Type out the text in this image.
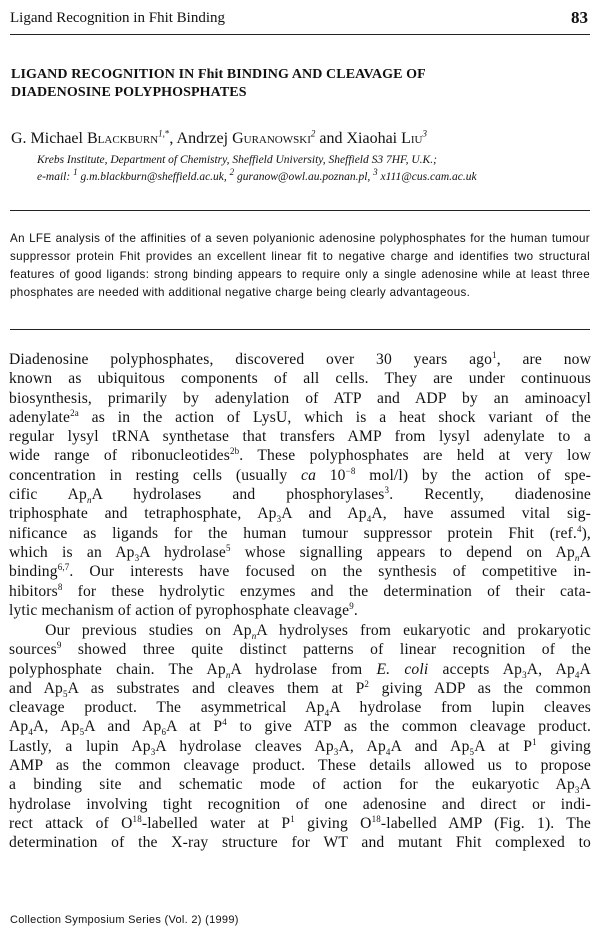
Ligand Recognition in Fhit Binding	83
LIGAND RECOGNITION IN Fhit BINDING AND CLEAVAGE OF
DIADENOSINE POLYPHOSPHATES
G. Michael Blackburn$^{1,*}$, Andrzej Guranowski$^2$ and Xiaohai Liu$^3$
Krebs Institute, Department of Chemistry, Sheffield University, Sheffield S3 7HF, U.K.;
e-mail: $^1$ g.m.blackburn@sheffield.ac.uk, $^2$ guranow@owl.au.poznan.pl, $^3$ x111@cus.cam.ac.uk
An LFE analysis of the affinities of a seven polyanionic adenosine polyphosphates for the human tumour suppressor protein Fhit provides an excellent linear fit to negative charge and identifies two structural features of good ligands: strong binding appears to require only a single adenosine while at least three phosphates are needed with additional negative charge being clearly advantageous.
Diadenosine polyphosphates, discovered over 30 years ago$^1$, are now
known as ubiquitous components of all cells. They are under continuous
biosynthesis, primarily by adenylation of ATP and ADP by an aminoacyl
adenylate$^{2a}$ as in the action of LysU, which is a heat shock variant of the
regular lysyl tRNA synthetase that transfers AMP from lysyl adenylate to a
wide range of ribonucleotides$^{2b}$. These polyphosphates are held at very low
concentration in resting cells (usually ca $10^{-8}$ mol/l) by the action of spe-
cific $Ap_nA$ hydrolases and phosphorylases$^3$. Recently, diadenosine
triphosphate and tetraphosphate, $Ap_3A$ and $Ap_4A$, have assumed vital sig-
nificance as ligands for the human tumour suppressor protein Fhit (ref.$^4$),
which is an $Ap_3A$ hydrolase$^5$ whose signalling appears to depend on $Ap_nA$
binding$^{6,7}$. Our interests have focused on the synthesis of competitive in-
hibitors$^8$ for these hydrolytic enzymes and the determination of their cata-
lytic mechanism of action of pyrophosphate cleavage$^9$.
Our previous studies on $Ap_nA$ hydrolyses from eukaryotic and prokaryotic
sources$^9$ showed three quite distinct patterns of linear recognition of the
polyphosphate chain. The $Ap_nA$ hydrolase from E. coli accepts $Ap_3A$, $Ap_4A$
and $Ap_5A$ as substrates and cleaves them at $P^2$ giving ADP as the common
cleavage product. The asymmetrical $Ap_4A$ hydrolase from lupin cleaves
$Ap_4A$, $Ap_5A$ and $Ap_6A$ at $P^4$ to give ATP as the common cleavage product.
Lastly, a lupin $Ap_3A$ hydrolase cleaves $Ap_3A$, $Ap_4A$ and $Ap_5A$ at $P^1$ giving
AMP as the common cleavage product. These details allowed us to propose
a binding site and schematic mode of action for the eukaryotic $Ap_3A$
hydrolase involving tight recognition of one adenosine and direct or indi-
rect attack of $O^{18}$-labelled water at $P^1$ giving $O^{18}$-labelled AMP (Fig. 1). The
determination of the X-ray structure for WT and mutant Fhit complexed to
Collection Symposium Series (Vol. 2) (1999)
